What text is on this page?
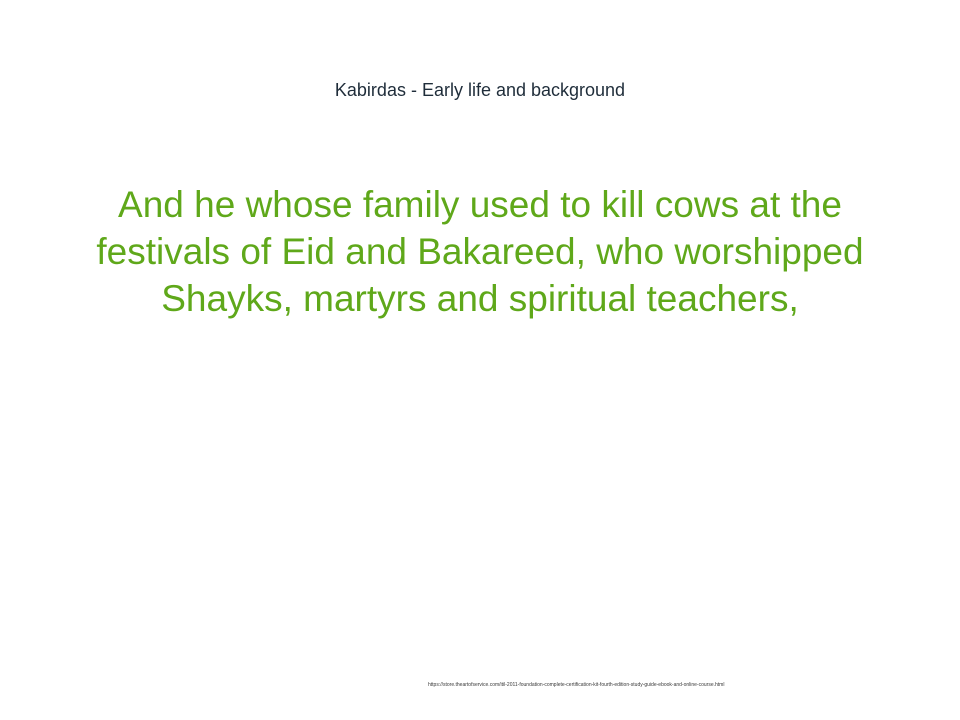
Kabirdas - Early life and background
And he whose family used to kill cows at the festivals of Eid and Bakareed, who worshipped Shayks, martyrs and spiritual teachers,
https://store.theartofservice.com/itil-2011-foundation-complete-certification-kit-fourth-edition-study-guide-ebook-and-online-course.html
